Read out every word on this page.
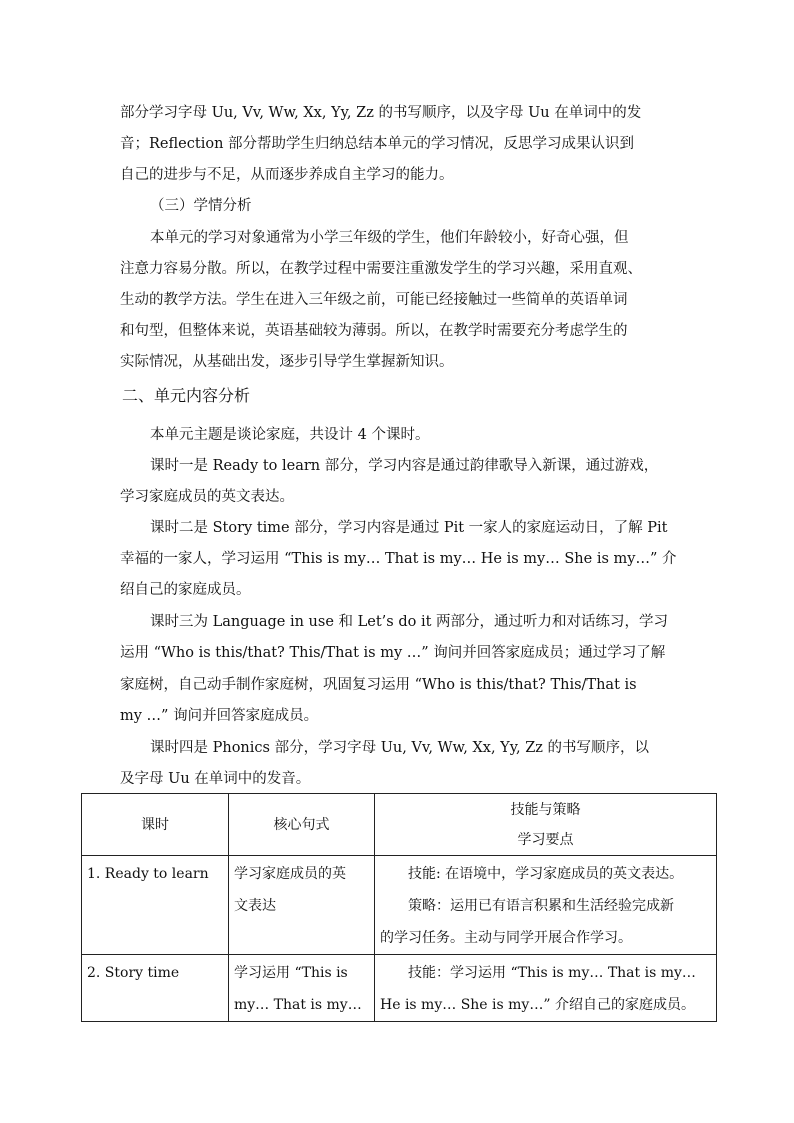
部分学习字母 Uu, Vv, Ww, Xx, Yy, Zz 的书写顺序，以及字母 Uu 在单词中的发
音；Reflection 部分帮助学生归纳总结本单元的学习情况，反思学习成果认识到
自己的进步与不足，从而逐步养成自主学习的能力。
（三）学情分析
本单元的学习对象通常为小学三年级的学生，他们年龄较小，好奇心强，但
注意力容易分散。所以，在教学过程中需要注重激发学生的学习兴趣，采用直观、
生动的教学方法。学生在进入三年级之前，可能已经接触过一些简单的英语单词
和句型，但整体来说，英语基础较为薄弱。所以，在教学时需要充分考虑学生的
实际情况，从基础出发，逐步引导学生掌握新知识。
二、单元内容分析
本单元主题是谈论家庭，共设计 4 个课时。
课时一是 Ready to learn 部分，学习内容是通过韵律歌导入新课，通过游戏，
学习家庭成员的英文表达。
课时二是 Story time 部分，学习内容是通过 Pit 一家人的家庭运动日，了解 Pit
幸福的一家人，学习运用 “This is my… That is my… He is my… She is my…” 介
绍自己的家庭成员。
课时三为 Language in use 和 Let’s do it 两部分，通过听力和对话练习，学习
运用 “Who is this/that? This/That is my …” 询问并回答家庭成员；通过学习了解
家庭树，自己动手制作家庭树，巩固复习运用 “Who is this/that? This/That is
my …” 询问并回答家庭成员。
课时四是 Phonics 部分，学习字母 Uu, Vv, Ww, Xx, Yy, Zz 的书写顺序，以
及字母 Uu 在单词中的发音。
课时	核心句式	技能与策略
学习要点

1. Ready to learn	学习家庭成员的英
文表达	技能: 在语境中，学习家庭成员的英文表达。
策略：运用已有语言积累和生活经验完成新
的学习任务。主动与同学开展合作学习。

2. Story time	学习运用 “This is
my… That is my…	技能：学习运用 “This is my… That is my…
He is my… She is my…” 介绍自己的家庭成员。
